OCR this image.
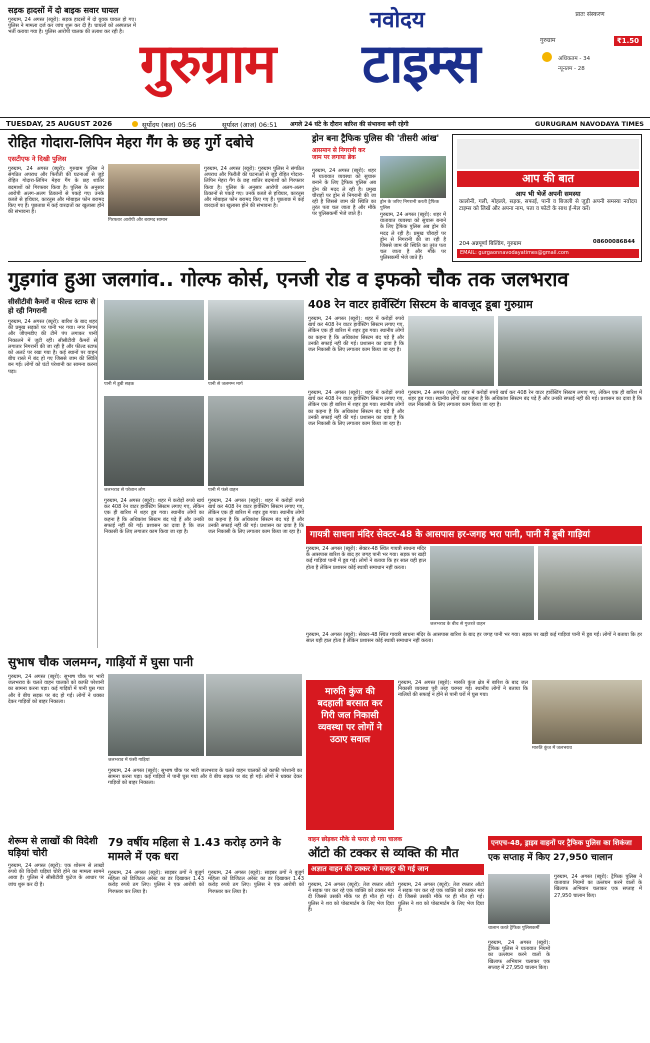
सड़क हादसों में दो बाइक सवार घायल
गुरुग्राम, 24 अगस्त (ब्यूरो): सड़क हादसों में दो युवक घायल हो गए। पुलिस ने मामला दर्ज कर जांच शुरू कर दी है। घायलों को अस्पताल में भर्ती कराया गया है। पुलिस आरोपी चालक की तलाश कर रही है।	नवोदय
गुरुग्राम टाइम्स
प्रातः संस्करण
₹1.50
गुरुग्राम
अधिकतम - 34
न्यूनतम - 28
TUESDAY, 25 AUGUST 2026	सूर्योदय (कल) 05:56	सूर्यास्त (आज) 06:51	अगले 24 घंटे के दौरान बारिश की संभावना बनी रहेगी	GURUGRAM NAVODAYA TIMES
रोहित गोदारा-लिपिन मेहरा गैंग के छह गुर्गे दबोचे
एसटीएफ ने दिखी पुलिस
गुरुग्राम, 24 अगस्त (ब्यूरो): गुरुग्राम पुलिस ने संगठित अपराध और फिरौती की घटनाओं से जुड़े रोहित गोदारा-लिपिन मेहरा गैंग के छह शातिर बदमाशों को गिरफ्तार किया है। पुलिस के अनुसार आरोपी अलग-अलग ठिकानों से पकड़े गए। उनके कब्जे से हथियार, कारतूस और मोबाइल फोन बरामद किए गए हैं। पूछताछ में कई वारदातों का खुलासा होने की संभावना है।
गिरफ्तार आरोपी और बरामद सामान
गुरुग्राम, 24 अगस्त (ब्यूरो): गुरुग्राम पुलिस ने संगठित अपराध और फिरौती की घटनाओं से जुड़े रोहित गोदारा-लिपिन मेहरा गैंग के छह शातिर बदमाशों को गिरफ्तार किया है। पुलिस के अनुसार आरोपी अलग-अलग ठिकानों से पकड़े गए। उनके कब्जे से हथियार, कारतूस और मोबाइल फोन बरामद किए गए हैं। पूछताछ में कई वारदातों का खुलासा होने की संभावना है।
ड्रोन बना ट्रैफिक पुलिस की 'तीसरी आंख'
आसमान से निगरानी कर जाम पर लगाया ब्रेक
गुरुग्राम, 24 अगस्त (ब्यूरो): शहर में यातायात व्यवस्था को सुचारू बनाने के लिए ट्रैफिक पुलिस अब ड्रोन की मदद ले रही है। प्रमुख चौराहों पर ड्रोन से निगरानी की जा रही है जिससे जाम की स्थिति का तुरंत पता चल जाता है और मौके पर पुलिसकर्मी भेजे जाते हैं।
ड्रोन के जरिए निगरानी करती ट्रैफिक पुलिस
गुरुग्राम, 24 अगस्त (ब्यूरो): शहर में यातायात व्यवस्था को सुचारू बनाने के लिए ट्रैफिक पुलिस अब ड्रोन की मदद ले रही है। प्रमुख चौराहों पर ड्रोन से निगरानी की जा रही है जिससे जाम की स्थिति का तुरंत पता चल जाता है और मौके पर पुलिसकर्मी भेजे जाते हैं।
आप की बात
आप भी भेजें अपनी समस्या
कालोनी, गली, मोहल्ले, सड़क, सफाई, पानी व बिजली से जुड़ी अपनी समस्या नवोदय टाइम्स को लिखें और अपना नाम, पता व फोटो के साथ ई-मेल करें।
204 अन्नपूर्णा बिल्डिंग, गुरुग्राम	08600086844
EMAIL: gurgaonnavodayatimes@gmail.com
गुड़गांव हुआ जलगांव.. गोल्फ कोर्स, एनजी रोड व इफको चौक तक जलभराव
सीसीटीवी कैमरों व फील्ड स्टाफ से हो रही निगरानी
गुरुग्राम, 24 अगस्त (ब्यूरो): बारिश के बाद शहर की प्रमुख सड़कों पर पानी भर गया। नगर निगम और जीएमडीए की टीमें पंप लगाकर पानी निकालने में जुटी रहीं। सीसीटीवी कैमरों से लगातार निगरानी की जा रही है और फील्ड स्टाफ को अलर्ट पर रखा गया है। कई स्थानों पर वाहन बीच रास्ते में बंद हो गए जिससे जाम की स्थिति बन गई। लोगों को घंटों परेशानी का सामना करना पड़ा।
408 रेन वाटर हार्वेस्टिंग सिस्टम के बावजूद डूबा गुरुग्राम
पानी में डूबी सड़क	पानी से जलमग्न मार्ग
गुरुग्राम, 24 अगस्त (ब्यूरो): शहर में करोड़ों रुपये खर्च कर 408 रेन वाटर हार्वेस्टिंग सिस्टम लगाए गए, लेकिन एक ही बारिश में शहर डूब गया। स्थानीय लोगों का कहना है कि अधिकांश सिस्टम बंद पड़े हैं और उनकी सफाई नहीं की गई। प्रशासन का दावा है कि जल निकासी के लिए लगातार काम किया जा रहा है।
गुरुग्राम, 24 अगस्त (ब्यूरो): शहर में करोड़ों रुपये खर्च कर 408 रेन वाटर हार्वेस्टिंग सिस्टम लगाए गए, लेकिन एक ही बारिश में शहर डूब गया। स्थानीय लोगों का कहना है कि अधिकांश सिस्टम बंद पड़े हैं और उनकी सफाई नहीं की गई। प्रशासन का दावा है कि जल निकासी के लिए लगातार काम किया जा रहा है।
जलभराव से परेशान लोग	पानी में फंसे वाहन
गुरुग्राम, 24 अगस्त (ब्यूरो): शहर में करोड़ों रुपये खर्च कर 408 रेन वाटर हार्वेस्टिंग सिस्टम लगाए गए, लेकिन एक ही बारिश में शहर डूब गया। स्थानीय लोगों का कहना है कि अधिकांश सिस्टम बंद पड़े हैं और उनकी सफाई नहीं की गई। प्रशासन का दावा है कि जल निकासी के लिए लगातार काम किया जा रहा है।
गुरुग्राम, 24 अगस्त (ब्यूरो): शहर में करोड़ों रुपये खर्च कर 408 रेन वाटर हार्वेस्टिंग सिस्टम लगाए गए, लेकिन एक ही बारिश में शहर डूब गया। स्थानीय लोगों का कहना है कि अधिकांश सिस्टम बंद पड़े हैं और उनकी सफाई नहीं की गई। प्रशासन का दावा है कि जल निकासी के लिए लगातार काम किया जा रहा है।
गुरुग्राम, 24 अगस्त (ब्यूरो): शहर में करोड़ों रुपये खर्च कर 408 रेन वाटर हार्वेस्टिंग सिस्टम लगाए गए, लेकिन एक ही बारिश में शहर डूब गया। स्थानीय लोगों का कहना है कि अधिकांश सिस्टम बंद पड़े हैं और उनकी सफाई नहीं की गई। प्रशासन का दावा है कि जल निकासी के लिए लगातार काम किया जा रहा है।
गायत्री साधना मंदिर सेक्टर-48 के आसपास हर-जगह भरा पानी, पानी में डूबी गाड़ियां
गुरुग्राम, 24 अगस्त (ब्यूरो): सेक्टर-48 स्थित गायत्री साधना मंदिर के आसपास बारिश के बाद हर जगह पानी भर गया। सड़क पर खड़ी कई गाड़ियां पानी में डूब गईं। लोगों ने बताया कि हर साल यही हाल होता है लेकिन प्रशासन कोई स्थायी समाधान नहीं करता।
जलभराव के बीच से गुजरते वाहन
गुरुग्राम, 24 अगस्त (ब्यूरो): सेक्टर-48 स्थित गायत्री साधना मंदिर के आसपास बारिश के बाद हर जगह पानी भर गया। सड़क पर खड़ी कई गाड़ियां पानी में डूब गईं। लोगों ने बताया कि हर साल यही हाल होता है लेकिन प्रशासन कोई स्थायी समाधान नहीं करता।
सुभाष चौक जलमग्न, गाड़ियों में घुसा पानी
गुरुग्राम, 24 अगस्त (ब्यूरो): सुभाष चौक पर भारी जलभराव के चलते वाहन चालकों को काफी परेशानी का सामना करना पड़ा। कई गाड़ियों में पानी घुस गया और वे बीच सड़क पर बंद हो गईं। लोगों ने धक्का देकर गाड़ियों को बाहर निकाला।
जलभराव में फंसी गाड़ियां
गुरुग्राम, 24 अगस्त (ब्यूरो): सुभाष चौक पर भारी जलभराव के चलते वाहन चालकों को काफी परेशानी का सामना करना पड़ा। कई गाड़ियों में पानी घुस गया और वे बीच सड़क पर बंद हो गईं। लोगों ने धक्का देकर गाड़ियों को बाहर निकाला।
मारुति कुंज की बदहाली बरसात कर गिरी जल निकासी व्यवस्था पर लोगों ने उठाए सवाल
गुरुग्राम, 24 अगस्त (ब्यूरो): मारुति कुंज क्षेत्र में बारिश के बाद जल निकासी व्यवस्था पूरी तरह चरमरा गई। स्थानीय लोगों ने बताया कि नालियों की सफाई न होने से पानी घरों में घुस गया।
मारुति कुंज में जलभराव
शेरूम से लाखों की विदेशी घड़ियां चोरी
गुरुग्राम, 24 अगस्त (ब्यूरो): एक शोरूम से लाखों रुपये की विदेशी घड़ियां चोरी होने का मामला सामने आया है। पुलिस ने सीसीटीवी फुटेज के आधार पर जांच शुरू कर दी है।
79 वर्षीय महिला से 1.43 करोड़ ठगने के मामले में एक धरा
गुरुग्राम, 24 अगस्त (ब्यूरो): साइबर ठगों ने बुजुर्ग महिला को डिजिटल अरेस्ट का डर दिखाकर 1.43 करोड़ रुपये ठग लिए। पुलिस ने एक आरोपी को गिरफ्तार कर लिया है।
गुरुग्राम, 24 अगस्त (ब्यूरो): साइबर ठगों ने बुजुर्ग महिला को डिजिटल अरेस्ट का डर दिखाकर 1.43 करोड़ रुपये ठग लिए। पुलिस ने एक आरोपी को गिरफ्तार कर लिया है।
वाहन छोड़कर मौके से फरार हो गया चालक
ऑटो की टक्कर से व्यक्ति की मौत
अज्ञात वाहन की टक्कर से मजदूर की गई जान
गुरुग्राम, 24 अगस्त (ब्यूरो): तेज रफ्तार ऑटो ने सड़क पार कर रहे एक व्यक्ति को टक्कर मार दी जिससे उसकी मौके पर ही मौत हो गई। पुलिस ने शव को पोस्टमार्टम के लिए भेज दिया है।
गुरुग्राम, 24 अगस्त (ब्यूरो): तेज रफ्तार ऑटो ने सड़क पार कर रहे एक व्यक्ति को टक्कर मार दी जिससे उसकी मौके पर ही मौत हो गई। पुलिस ने शव को पोस्टमार्टम के लिए भेज दिया है।
एनएच-48, ड्राइव वाहनों पर ट्रैफिक पुलिस का शिकंजा
एक सप्ताह में किए 27,950 चालान
चालान करते ट्रैफिक पुलिसकर्मी
गुरुग्राम, 24 अगस्त (ब्यूरो): ट्रैफिक पुलिस ने यातायात नियमों का उल्लंघन करने वालों के खिलाफ अभियान चलाकर एक सप्ताह में 27,950 चालान किए।
गुरुग्राम, 24 अगस्त (ब्यूरो): ट्रैफिक पुलिस ने यातायात नियमों का उल्लंघन करने वालों के खिलाफ अभियान चलाकर एक सप्ताह में 27,950 चालान किए।
